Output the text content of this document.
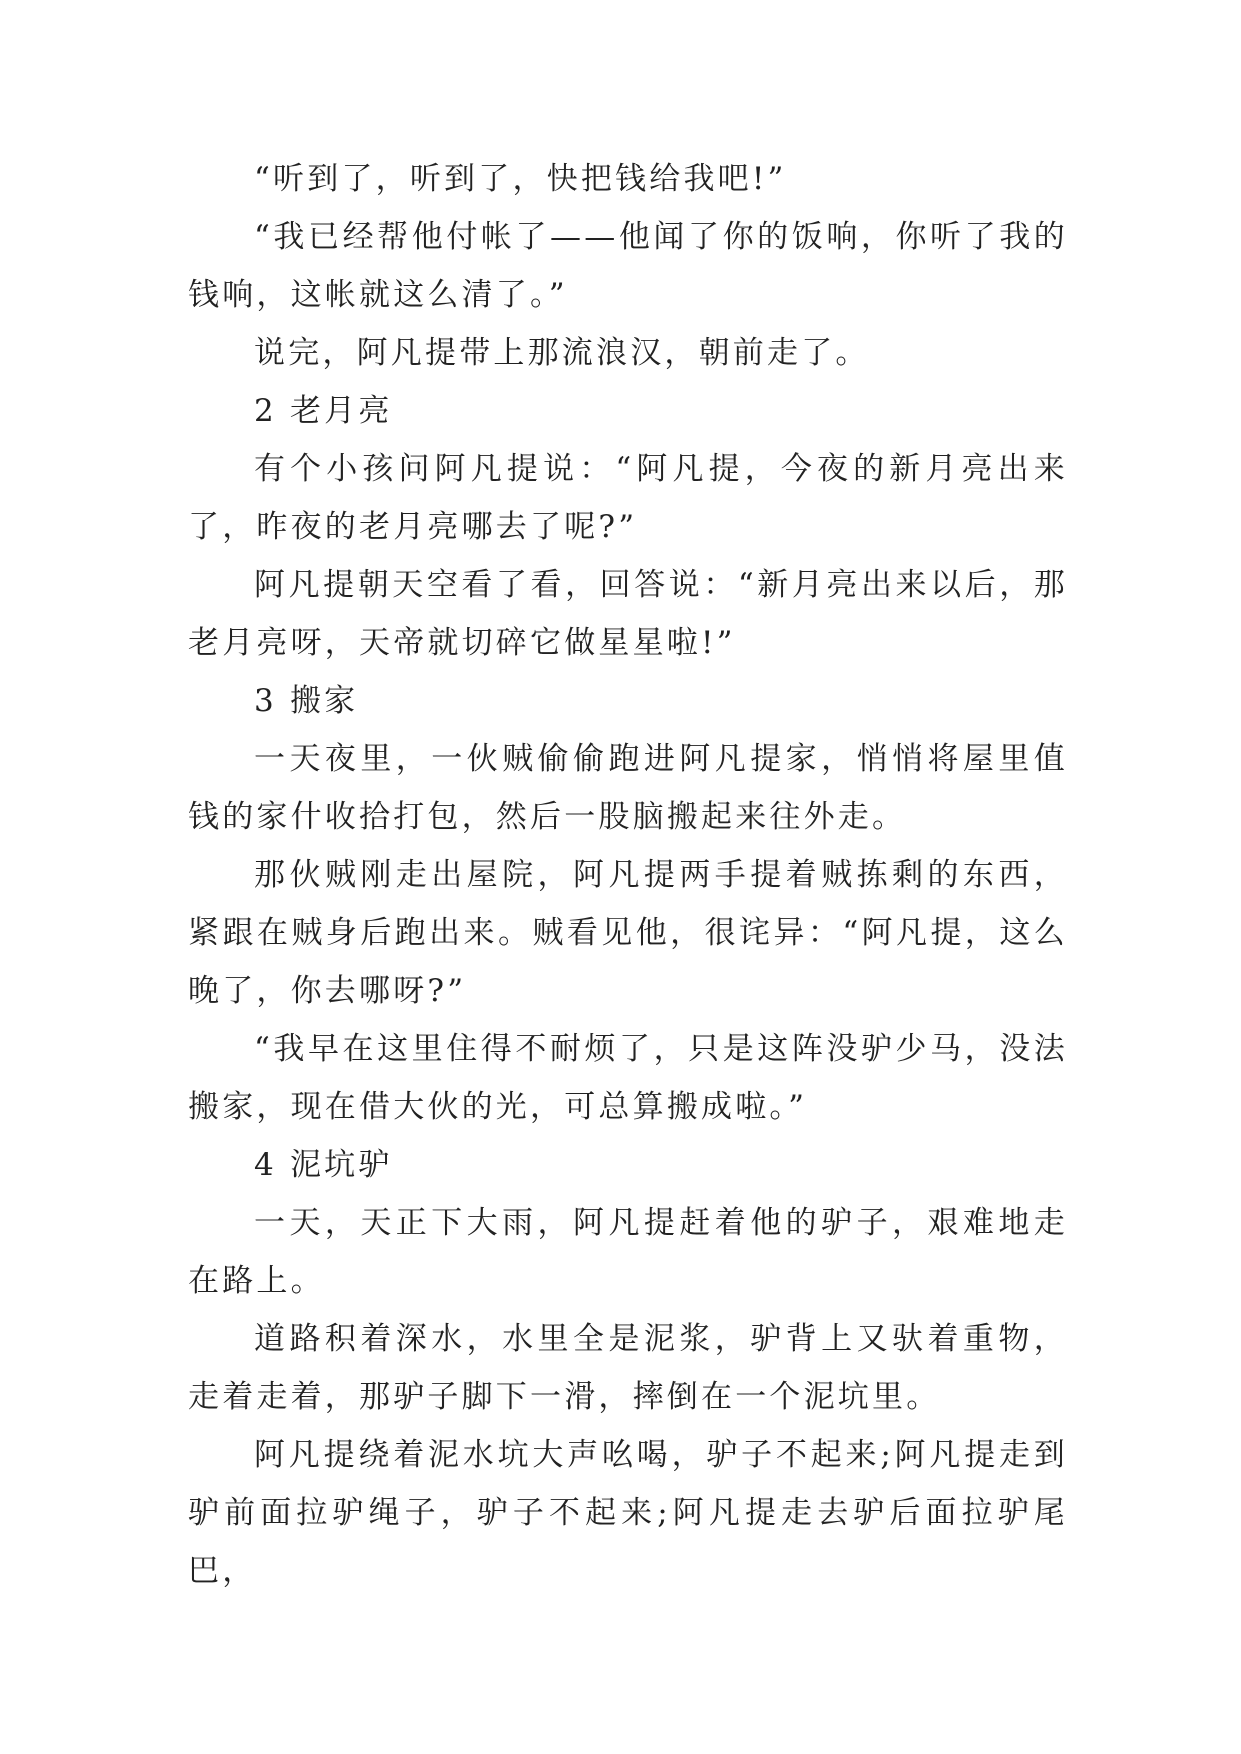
“听到了，听到了，快把钱给我吧!”

“我已经帮他付帐了——他闻了你的饭响，你听了我的钱响，这帐就这么清了。”

说完，阿凡提带上那流浪汉，朝前走了。

2 老月亮

有个小孩问阿凡提说：“阿凡提，今夜的新月亮出来了，昨夜的老月亮哪去了呢?”

阿凡提朝天空看了看，回答说：“新月亮出来以后，那老月亮呀，天帝就切碎它做星星啦!”

3 搬家

一天夜里，一伙贼偷偷跑进阿凡提家，悄悄将屋里值钱的家什收拾打包，然后一股脑搬起来往外走。

那伙贼刚走出屋院，阿凡提两手提着贼拣剩的东西，紧跟在贼身后跑出来。贼看见他，很诧异：“阿凡提，这么晚了，你去哪呀?”

“我早在这里住得不耐烦了，只是这阵没驴少马，没法搬家，现在借大伙的光，可总算搬成啦。”

4 泥坑驴

一天，天正下大雨，阿凡提赶着他的驴子，艰难地走在路上。

道路积着深水，水里全是泥浆，驴背上又驮着重物，走着走着，那驴子脚下一滑，摔倒在一个泥坑里。

阿凡提绕着泥水坑大声吆喝，驴子不起来;阿凡提走到驴前面拉驴绳子，驴子不起来;阿凡提走去驴后面拉驴尾巴，
